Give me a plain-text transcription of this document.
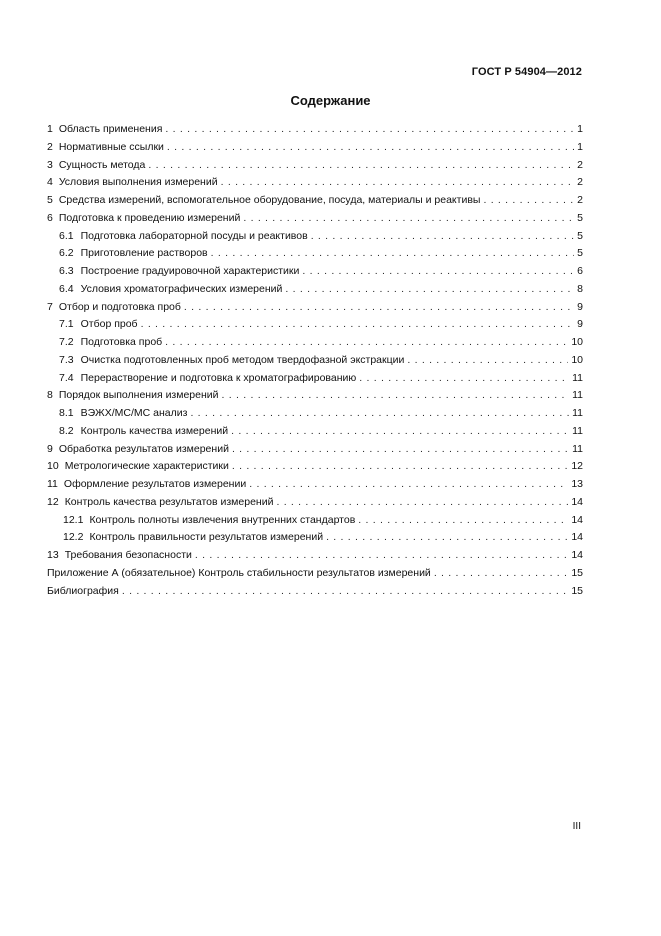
ГОСТ Р 54904—2012
Содержание
1 Область применения . . .	1
2 Нормативные ссылки . . .	1
3 Сущность метода . . .	2
4 Условия выполнения измерений . . .	2
5 Средства измерений, вспомогательное оборудование, посуда, материалы и реактивы . . .	2
6 Подготовка к проведению измерений . . .	5
6.1 Подготовка лабораторной посуды и реактивов . . .	5
6.2 Приготовление растворов . . .	5
6.3 Построение градуировочной характеристики . . .	6
6.4 Условия хроматографических измерений . . .	8
7 Отбор и подготовка проб . . .	9
7.1 Отбор проб . . .	9
7.2 Подготовка проб . . .	10
7.3 Очистка подготовленных проб методом твердофазной экстракции . . .	10
7.4 Перерастворение и подготовка к хроматографированию . . .	11
8 Порядок выполнения измерений . . .	11
8.1 ВЭЖХ/МС/МС анализ . . .	11
8.2 Контроль качества измерений . . .	11
9 Обработка результатов измерений . . .	11
10 Метрологические характеристики . . .	12
11 Оформление результатов измерении . . .	13
12 Контроль качества результатов измерений . . .	14
12.1 Контроль полноты извлечения внутренних стандартов . . .	14
12.2 Контроль правильности результатов измерений . . .	14
13 Требования безопасности . . .	14
Приложение А (обязательное) Контроль стабильности результатов измерений . . .	15
Библиография . . .	15
III
